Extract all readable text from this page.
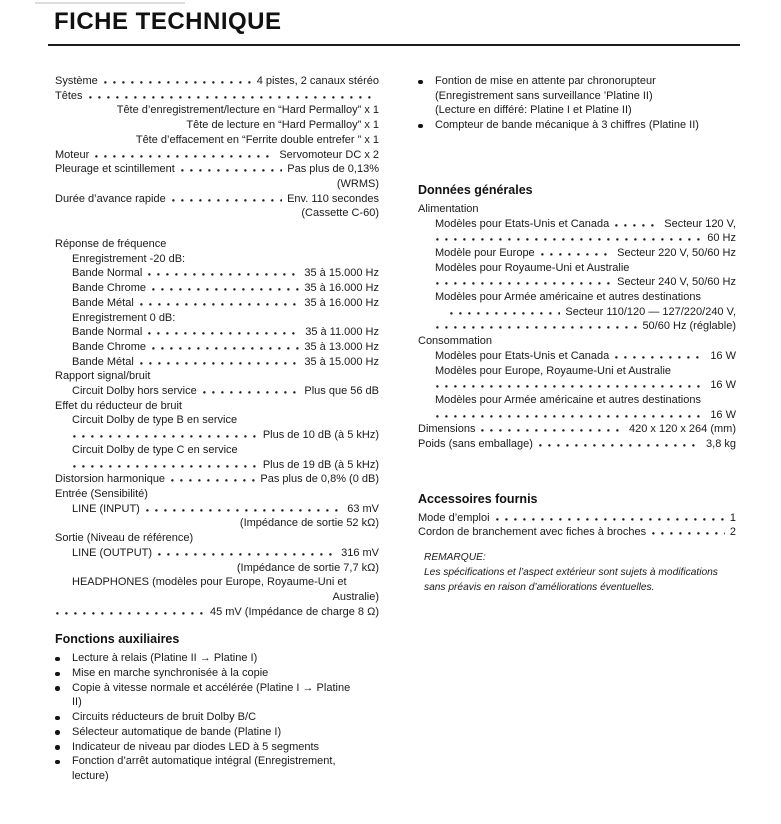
FICHE TECHNIQUE
Système	4 pistes, 2 canaux stéréo
Têtes
Tête d’enregistrement/lecture en “Hard Permalloy” x 1
Tête de lecture en “Hard Permalloy” x 1
Tête d’effacement en “Ferrite double entrefer ” x 1
Moteur	Servomoteur DC x 2
Pleurage et scintillement	Pas plus de 0,13%
(WRMS)
Durée d’avance rapide	Env. 110 secondes
(Cassette C-60)
Réponse de fréquence
Enregistrement -20 dB:
Bande Normal	35 à 15.000 Hz
Bande Chrome	35 à 16.000 Hz
Bande Métal	35 à 16.000 Hz
Enregistrement 0 dB:
Bande Normal	35 à 11.000 Hz
Bande Chrome	35 à 13.000 Hz
Bande Métal	35 à 15.000 Hz
Rapport signal/bruit
Circuit Dolby hors service	Plus que 56 dB
Effet du réducteur de bruit
Circuit Dolby de type B en service
Plus de 10 dB (à 5 kHz)
Circuit Dolby de type C en service
Plus de 19 dB (à 5 kHz)
Distorsion harmonique	Pas plus de 0,8% (0 dB)
Entrée (Sensibilité)
LINE (INPUT)	63 mV
(Impédance de sortie 52 kΩ)
Sortie (Niveau de référence)
LINE (OUTPUT)	316 mV
(Impédance de sortie 7,7 kΩ)
HEADPHONES (modèles pour Europe, Royaume-Uni et
Australie)
45 mV (Impédance de charge 8 Ω)
Fonctions auxiliaires
Lecture à relais (Platine II → Platine I)
Mise en marche synchronisée à la copie
Copie à vitesse normale et accélérée (Platine I → Platine
II)
Circuits réducteurs de bruit Dolby B/C
Sélecteur automatique de bande (Platine I)
Indicateur de niveau par diodes LED à 5 segments
Fonction d’arrêt automatique intégral (Enregistrement,
lecture)
Fontion de mise en attente par chronorupteur
(Enregistrement sans surveillance ’Platine II)
(Lecture en différé: Platine I et Platine II)
Compteur de bande mécanique à 3 chiffres (Platine II)
Données générales
Alimentation
Modèles pour Etats-Unis et Canada	Secteur 120 V,
60 Hz
Modèle pour Europe	Secteur 220 V, 50/60 Hz
Modèles pour Royaume-Uni et Australie
Secteur 240 V, 50/60 Hz
Modèles pour Armée américaine et autres destinations
Secteur 110/120 — 127/220/240 V,
50/60 Hz (réglable)
Consommation
Modèles pour Etats-Unis et Canada	16 W
Modèles pour Europe, Royaume-Uni et Australie
16 W
Modèles pour Armée américaine et autres destinations
16 W
Dimensions	420 x 120 x 264 (mm)
Poids (sans emballage)	3,8 kg
Accessoires fournis
Mode d’emploi	1
Cordon de branchement avec fiches à broches	2
REMARQUE:
Les spécifications et l’aspect extérieur sont sujets à modifications
sans préavis en raison d’améliorations éventuelles.
